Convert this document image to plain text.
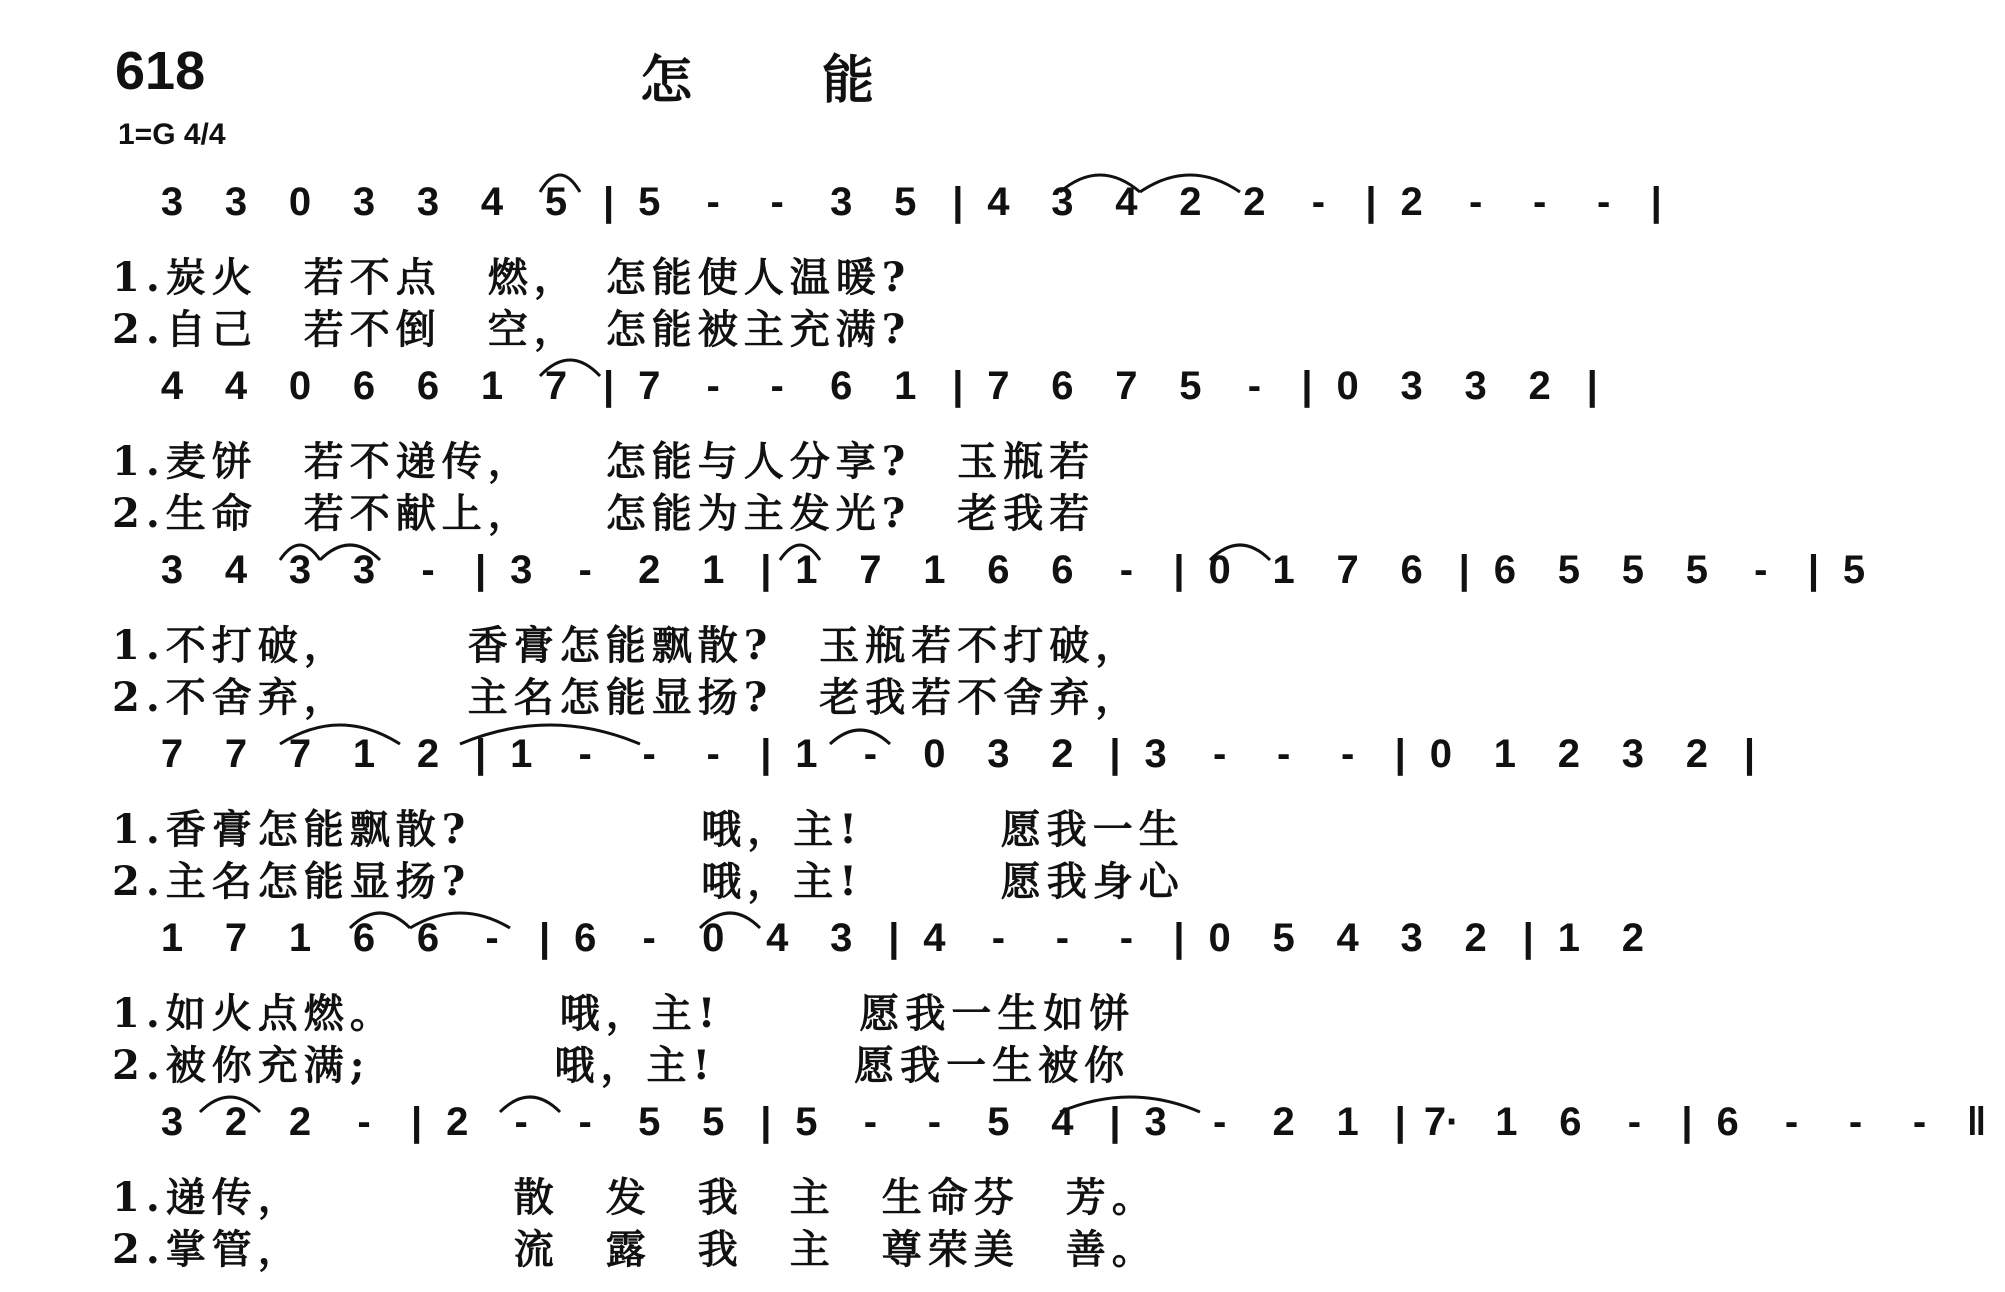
618	怎能
1=G 4/4
3 3 0 3 3 4 5 | 5 - - 3 5 | 4 3 4 2 2 - | 2 - - - |
1.炭火　若不点　燃，　怎能使人温暖?
2.自己　若不倒　空，　怎能被主充满?
4 4 0 6 6 1 7 | 7 - - 6 1 | 7 6 7 5 - | 0 3 3 2 |
1.麦饼　若不递传，　　怎能与人分享?　玉瓶若
2.生命　若不献上，　　怎能为主发光?　老我若
3 4 3 3 - | 3 - 2 1 | 1 7 1 6 6 - | 0 1 7 6 | 6 5 5 5 - | 5
1.不打破，　　　香膏怎能飘散?　玉瓶若不打破，
2.不舍弃，　　　主名怎能显扬?　老我若不舍弃，
7 7 7 1 2 | 1 - - - | 1 - 0 3 2 | 3 - - - | 0 1 2 3 2 |
1.香膏怎能飘散?　　　　　哦，主!　　　愿我一生
2.主名怎能显扬?　　　　　哦，主!　　　愿我身心
1 7 1 6 6 - | 6 - 0 4 3 | 4 - - - | 0 5 4 3 2 | 1 2
1.如火点燃。　　　　哦，主!　　　愿我一生如饼
2.被你充满;　　　　哦，主!　　　愿我一生被你
3 2 2 - | 2 - - 5 5 | 5 - - 5 4 | 3 - 2 1 | 7· 1 6 - | 6 - - - ‖
1.递传，　　　　　散　发　我　主　生命芬　芳。
2.掌管，　　　　　流　露　我　主　尊荣美　善。
